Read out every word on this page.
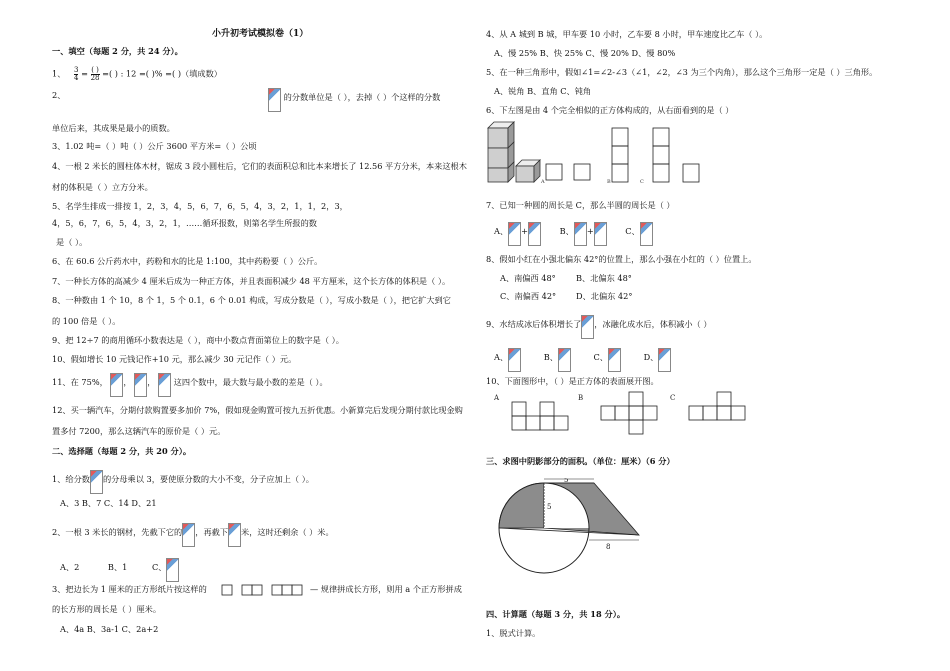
小升初考试模拟卷（1）
一、填空（每题 2 分，共 24 分）。
1、 $\frac{3}{4}$ = ( )
28 =( ) : 12 =( )% =( )（填成数）
2、	的分数单位是（ ），去掉（ ）个这样的分数
单位后来，其成果是最小的质数。
3、1.02 吨=（ ）吨（ ）公斤 3600 平方米=（ ）公顷
4、一根 2 米长的圆柱体木材，锯成 3 段小圆柱后，它们的表面积总和比本来增长了 12.56 平方分米，本来这根木
材的体积是（ ）立方分米。
5、名学生排成一排按 1，2，3，4，5，6，7，6，5，4，3，2，1，1，2，3，
4，5，6，7，6，5，4，3，2，1，……循环报数，则第名学生所报的数
是（ ）。
6、在 60.6 公斤药水中，药粉和水的比是 1:100，其中药粉要（ ）公斤。
7、一种长方体的高减少 4 厘米后成为一种正方体，并且表面积减少 48 平方厘米，这个长方体的体积是（ ）。
8、一种数由 1 个 10，8 个 1，5 个 0.1，6 个 0.01 构成，写成分数是（ ），写成小数是（ ），把它扩大到它
的 100 倍是（ ）。
9、把 12÷7 的商用循环小数表达是（ ），商中小数点背面第位上的数字是（ ）。
10、假如增长 10 元钱记作+10 元，那么减少 30 元记作（ ）元。
11、在 75%， ， ， 这四个数中，最大数与最小数的差是（ ）。
12、买一辆汽车，分期付款购置要多加价 7%，假如现金购置可按九五折优惠。小新算完后发现分期付款比现金购
置多付 7200，那么这辆汽车的原价是（ ）元。
二、选择题（每题 2 分，共 20 分）。
1、给分数 的分母乘以 3，要使原分数的大小不变，分子应加上（ ）。
A、3 B、7 C、14 D、21
2、一根 3 米长的钢材，先截下它的 ，再截下 米，这时还剩余（ ）米。
A、2	B、1	C、
3、把边长为 1 厘米的正方形纸片按这样的	— 规律拼成长方形，则用 a 个正方形拼成
的长方形的周长是（ ）厘米。
A、4a B、3a-1 C、2a+2
4、从 A 城到 B 城，甲车要 10 小时，乙车要 8 小时，甲车速度比乙车（ ）。
A、慢 25% B、快 25% C、慢 20% D、慢 80%
5、在一种三角形中，假如∠1=∠2-∠3（∠1，∠2，∠3 为三个内角），那么这个三角形一定是（ ）三角形。
A、锐角 B、直角 C、钝角
6、下左图是由 4 个完全相似的正方体构成的，从右面看到的是（ ）
A	B	C
7、已知一种圆的周长是 C，那么半圆的周长是（ ）
A、 +	B、 +	C、
8、假如小红在小强北偏东 42°的位置上，那么小强在小红的（ ）位置上。
A、南偏西 48° B、北偏东 48°
C、南偏西 42° D、北偏东 42°
9、水结成冰后体积增长了 ，冰融化成水后，体积减小（ ）
A、	B、	C、	D、
10、下面图形中，（ ）是正方体的表面展开图。
A	B	C
三、求图中阴影部分的面积。（单位：厘米）（6 分）
5
5
8
四、计算题（每题 3 分，共 18 分）。
1、脱式计算。
